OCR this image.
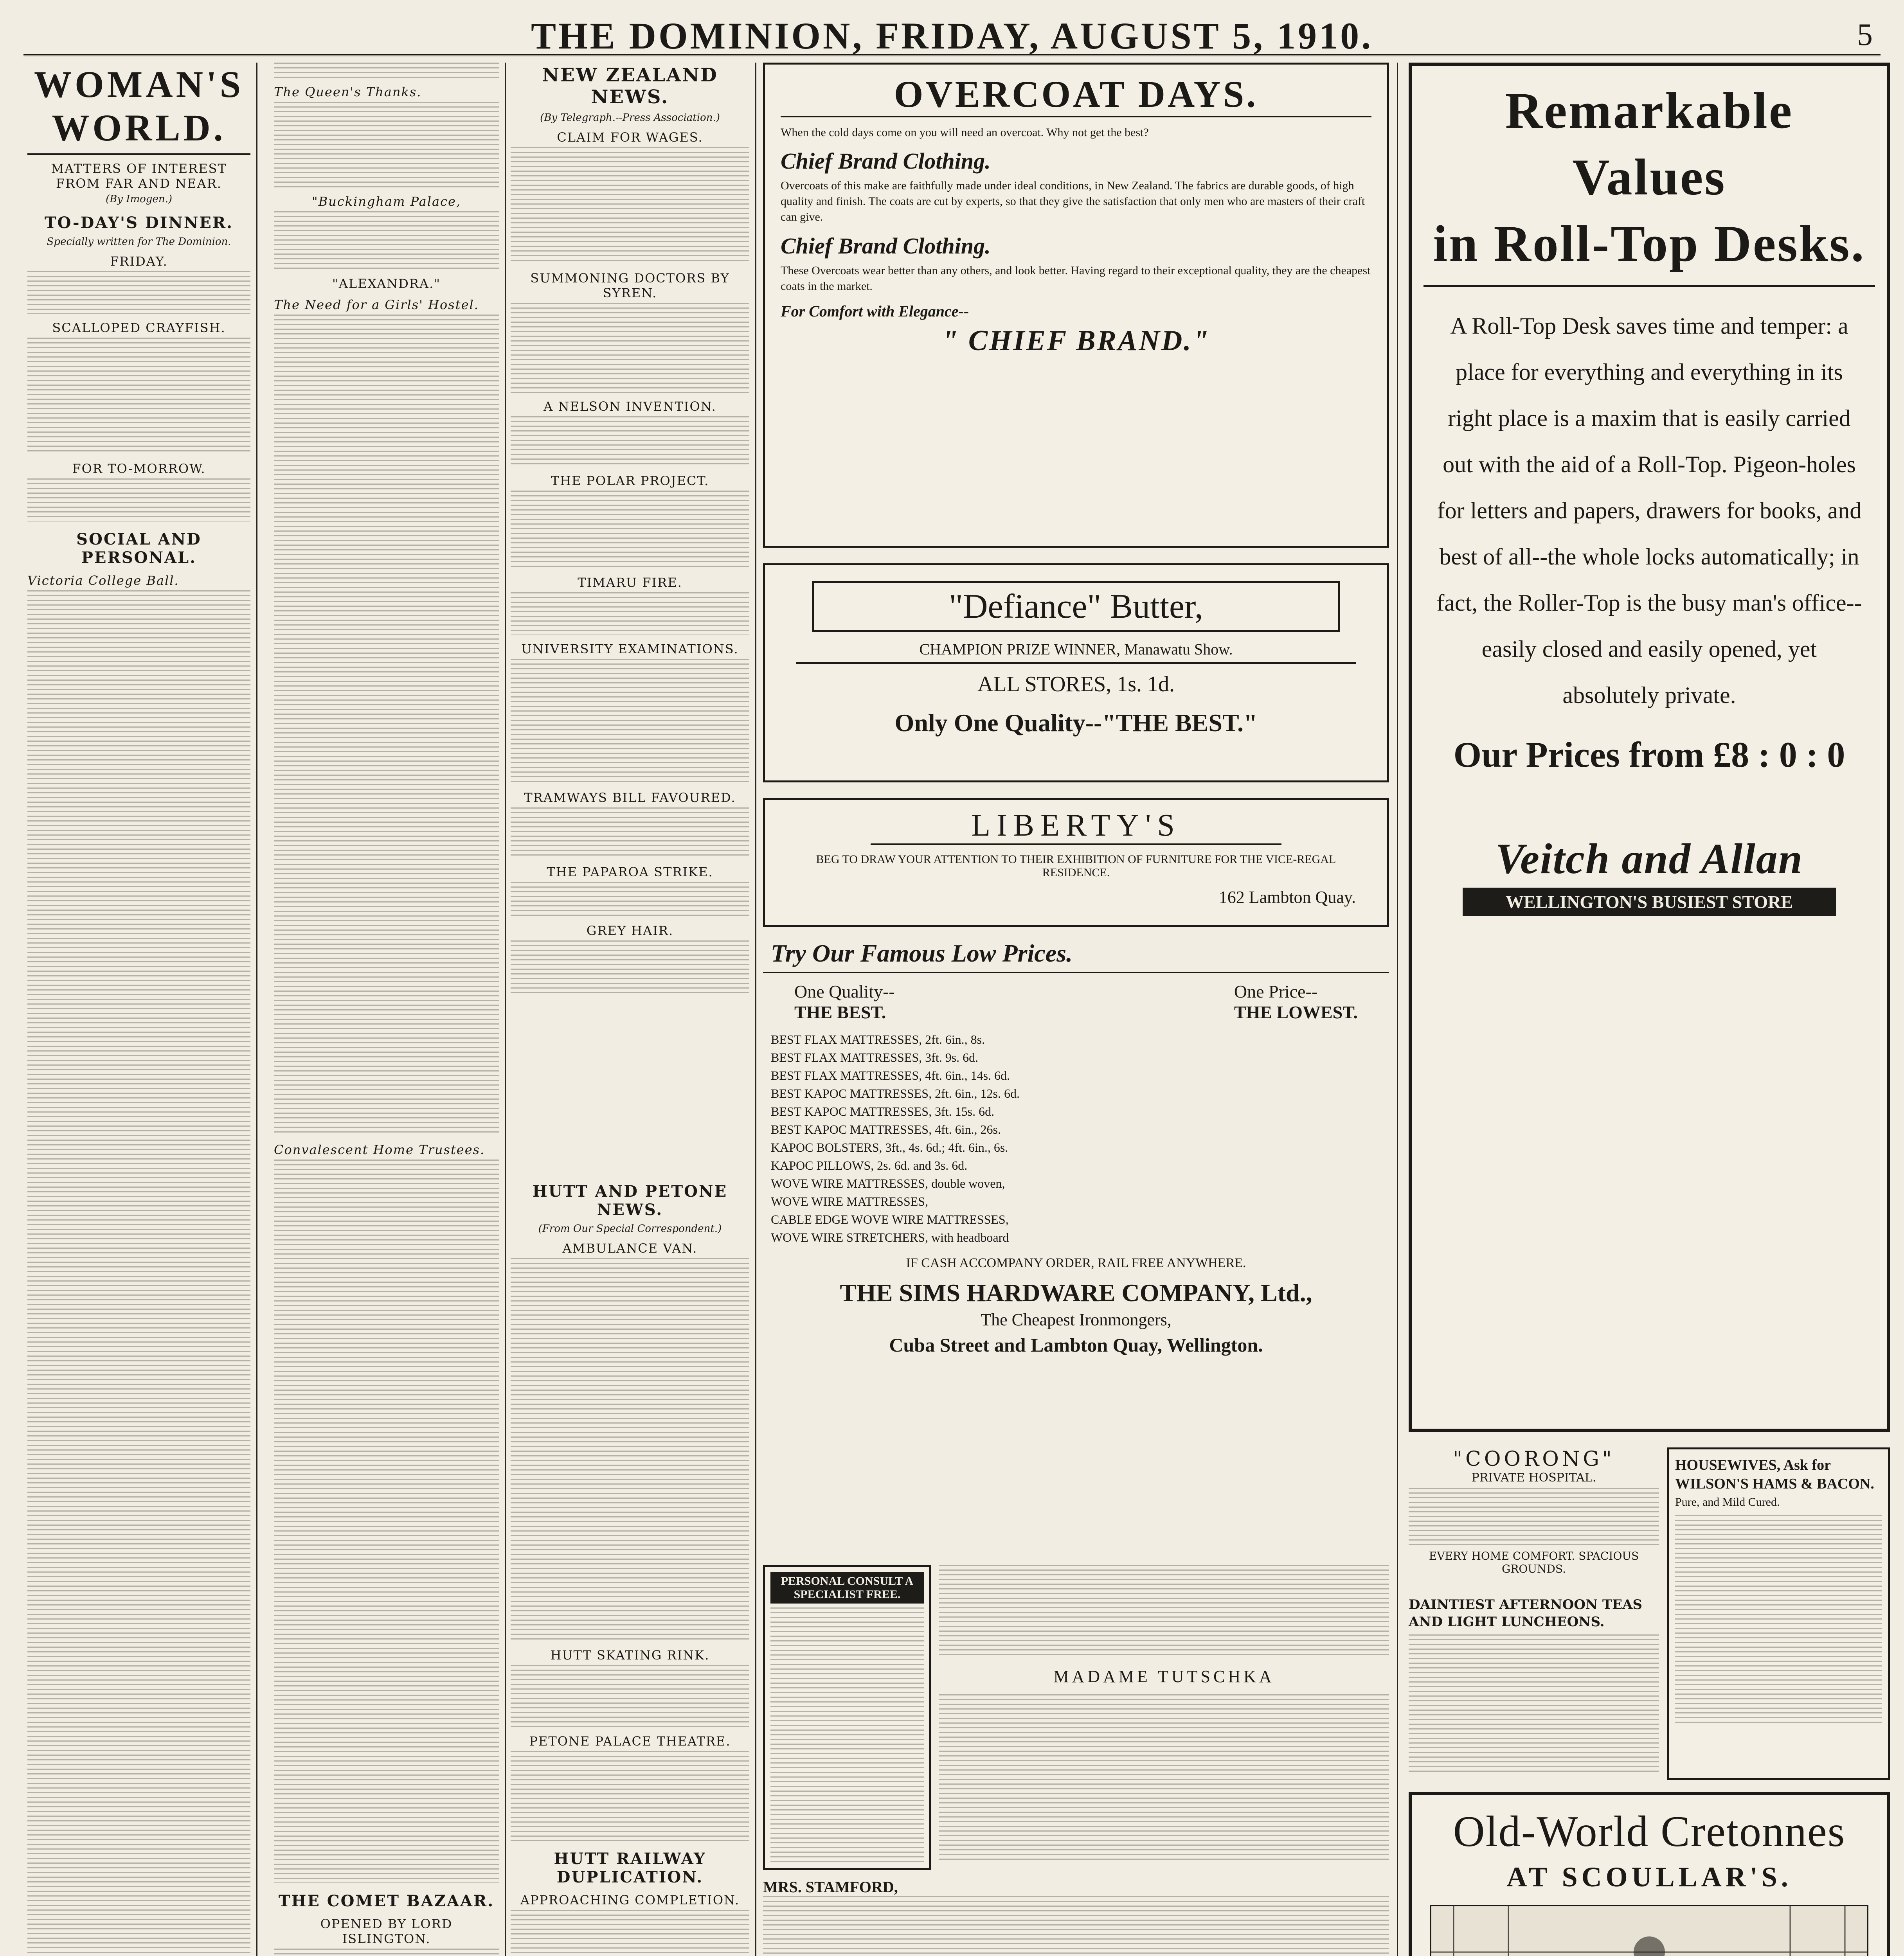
THE DOMINION, FRIDAY, AUGUST 5, 1910.	5
WOMAN'S WORLD.
MATTERS OF INTEREST FROM FAR AND NEAR.
(By Imogen.)
TO-DAY'S DINNER.
Specially written for The Dominion.
FRIDAY.
SCALLOPED CRAYFISH.
FOR TO-MORROW.
SOCIAL AND PERSONAL.
Victoria College Ball.
The Queen's Thanks.
"Buckingham Palace,
"ALEXANDRA."
The Need for a Girls' Hostel.
Convalescent Home Trustees.
THE COMET BAZAAR.
OPENED BY LORD ISLINGTON.
NEW ZEALAND NEWS.
(By Telegraph.--Press Association.)
CLAIM FOR WAGES.
SUMMONING DOCTORS BY SYREN.
A NELSON INVENTION.
THE POLAR PROJECT.
TIMARU FIRE.
UNIVERSITY EXAMINATIONS.
TRAMWAYS BILL FAVOURED.
THE PAPAROA STRIKE.
GREY HAIR.
HUTT AND PETONE NEWS.
(From Our Special Correspondent.)
AMBULANCE VAN.
HUTT SKATING RINK.
PETONE PALACE THEATRE.
HUTT RAILWAY DUPLICATION.
APPROACHING COMPLETION.
OVERCOAT DAYS.
When the cold days come on you will need an overcoat. Why not get the best?
Chief Brand Clothing.
Overcoats of this make are faithfully made under ideal conditions, in New Zealand. The fabrics are durable goods, of high quality and finish. The coats are cut by experts, so that they give the satisfaction that only men who are masters of their craft can give.
Chief Brand Clothing.
These Overcoats wear better than any others, and look better. Having regard to their exceptional quality, they are the cheapest coats in the market.
For Comfort with Elegance--
" CHIEF BRAND."
"Defiance" Butter,
CHAMPION PRIZE WINNER, Manawatu Show.
ALL STORES, 1s. 1d.
Only One Quality--"THE BEST."
LIBERTY'S
BEG TO DRAW YOUR ATTENTION TO THEIR EXHIBITION OF FURNITURE FOR THE VICE-REGAL RESIDENCE.
162 Lambton Quay.
Try Our Famous Low Prices.
One Quality--
THE BEST.
One Price--
THE LOWEST.
BEST FLAX MATTRESSES, 2ft. 6in., 8s.
BEST FLAX MATTRESSES, 3ft. 9s. 6d.
BEST FLAX MATTRESSES, 4ft. 6in., 14s. 6d.
BEST KAPOC MATTRESSES, 2ft. 6in., 12s. 6d.
BEST KAPOC MATTRESSES, 3ft. 15s. 6d.
BEST KAPOC MATTRESSES, 4ft. 6in., 26s.
KAPOC BOLSTERS, 3ft., 4s. 6d.; 4ft. 6in., 6s.
KAPOC PILLOWS, 2s. 6d. and 3s. 6d.
WOVE WIRE MATTRESSES, double woven,
WOVE WIRE MATTRESSES,
CABLE EDGE WOVE WIRE MATTRESSES,
WOVE WIRE STRETCHERS, with headboard
IF CASH ACCOMPANY ORDER, RAIL FREE ANYWHERE.
THE SIMS HARDWARE COMPANY, Ltd.,
The Cheapest Ironmongers,
Cuba Street and Lambton Quay, Wellington.
PERSONAL CONSULT A SPECIALIST FREE.
MADAME TUTSCHKA
MRS. STAMFORD,
Remarkable Values
in Roll-Top Desks.
A Roll-Top Desk saves time and temper: a place for everything and everything in its right place is a maxim that is easily carried out with the aid of a Roll-Top. Pigeon-holes for letters and papers, drawers for books, and best of all--the whole locks automatically; in fact, the Roller-Top is the busy man's office--easily closed and easily opened, yet absolutely private.
Our Prices from £8 : 0 : 0
Veitch and Allan
WELLINGTON'S BUSIEST STORE
"COORONG"
PRIVATE HOSPITAL.
EVERY HOME COMFORT. SPACIOUS GROUNDS.
HOUSEWIVES, Ask for WILSON'S HAMS & BACON.
Pure, and Mild Cured.
DAINTIEST AFTERNOON TEAS AND LIGHT LUNCHEONS.
Old-World Cretonnes
AT SCOULLAR'S.
